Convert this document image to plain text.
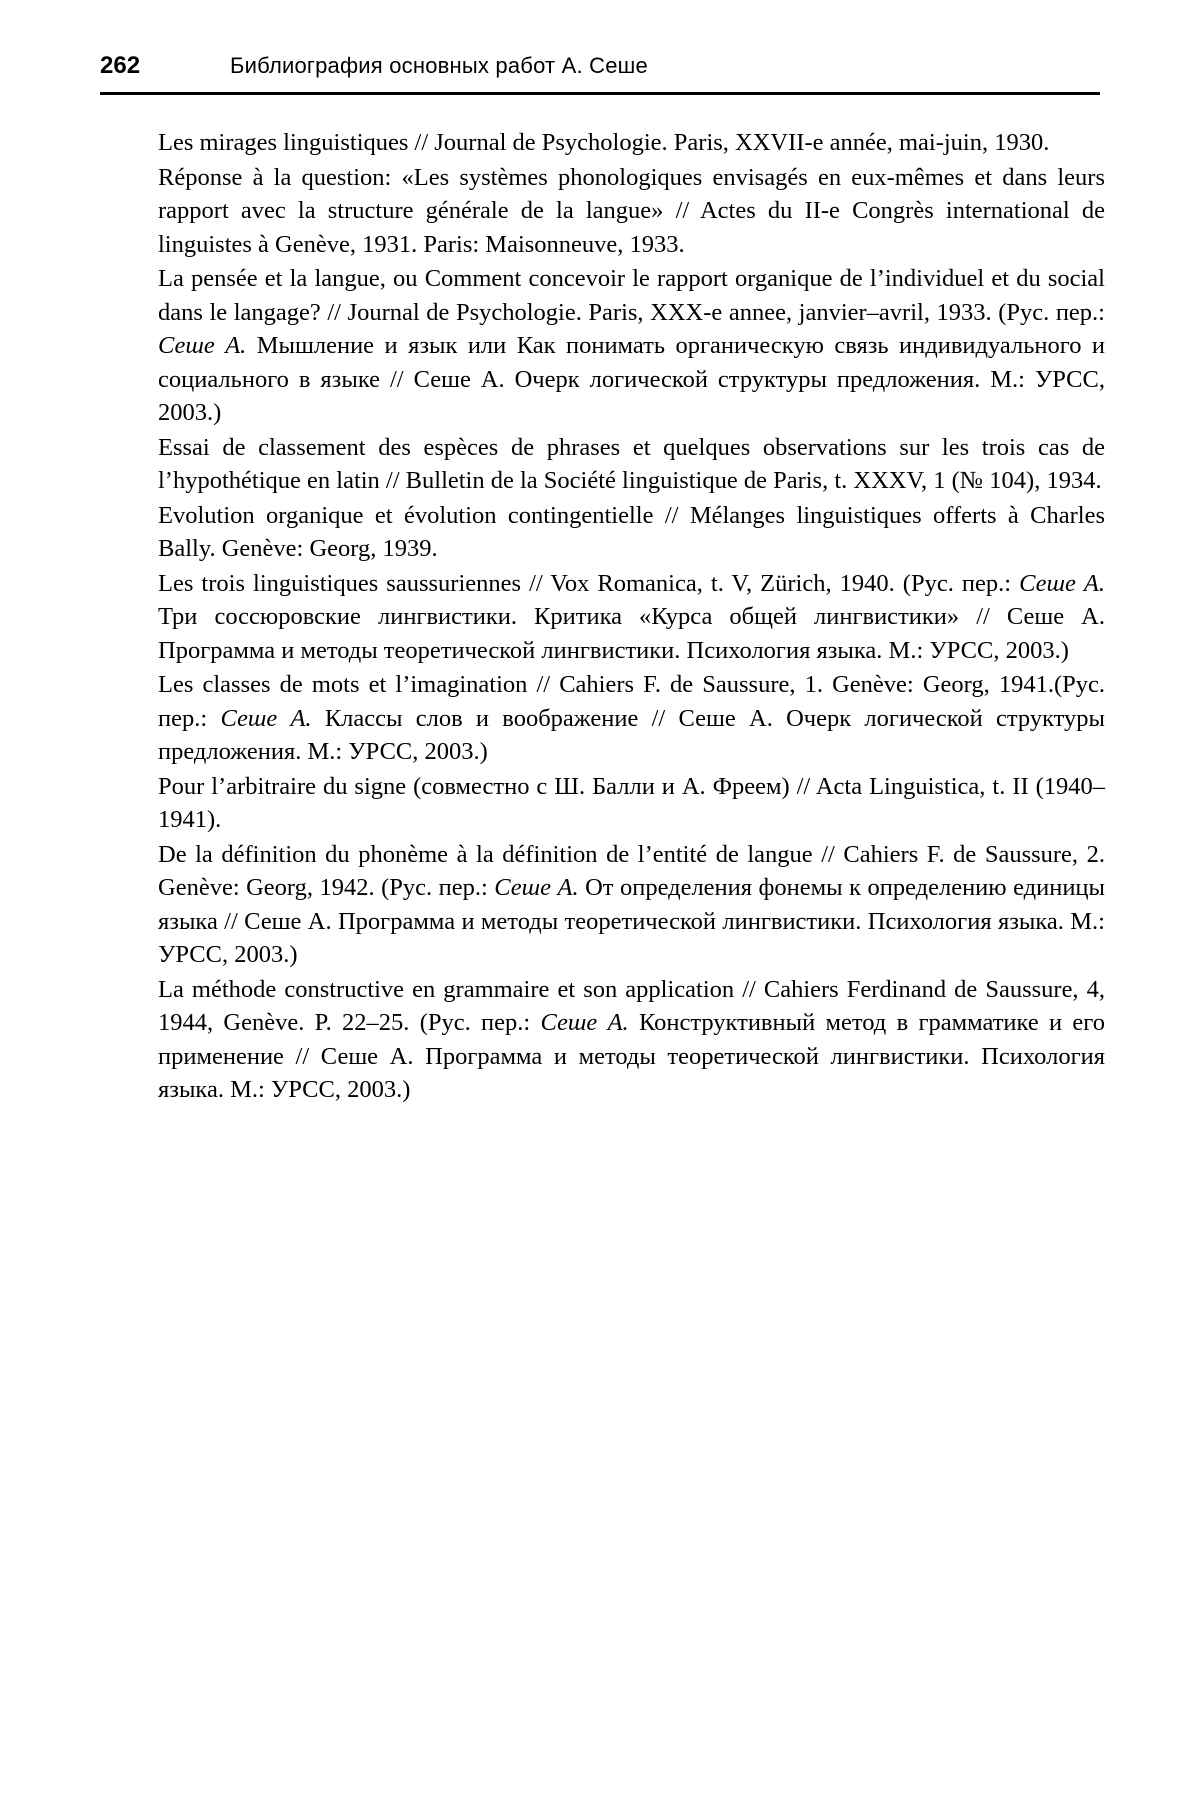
262	Библиография основных работ А. Сеше

Les mirages linguistiques // Journal de Psychologie. Paris, XXVII-e année, mai-juin, 1930.

Réponse à la question: «Les systèmes phonologiques envisagés en eux-mêmes et dans leurs rapport avec la structure générale de la langue» // Actes du II-e Congrès international de linguistes à Genève, 1931. Paris: Maisonneuve, 1933.

La pensée et la langue, ou Comment concevoir le rapport organique de l’individuel et du social dans le langage? // Journal de Psychologie. Paris, XXX-e annee, janvier–avril, 1933. (Рус. пер.: Сеше А. Мышление и язык или Как понимать органическую связь индивидуального и социального в языке // Сеше А. Очерк логической структуры предложения. М.: УРСС, 2003.)

Essai de classement des espèces de phrases et quelques observations sur les trois cas de l’hypothétique en latin // Bulletin de la Société linguistique de Paris, t. XXXV, 1 (№ 104), 1934.

Evolution organique et évolution contingentielle // Mélanges linguistiques offerts à Charles Bally. Genève: Georg, 1939.

Les trois linguistiques saussuriennes // Vox Romanica, t. V, Zürich, 1940. (Рус. пер.: Сеше А. Три соссюровские лингвистики. Критика «Курса общей лингвистики» // Сеше А. Программа и методы теоретической лингвистики. Психология языка. М.: УРСС, 2003.)

Les classes de mots et l’imagination // Cahiers F. de Saussure, 1. Genève: Georg, 1941.(Рус. пер.: Сеше А. Классы слов и воображение // Сеше А. Очерк логической структуры предложения. М.: УРСС, 2003.)

Pour l’arbitraire du signe (совместно с Ш. Балли и А. Фреем) // Acta Linguistica, t. II (1940–1941).

De la définition du phonème à la définition de l’entité de langue // Cahiers F. de Saussure, 2. Genève: Georg, 1942. (Рус. пер.: Сеше А. От определения фонемы к определению единицы языка // Сеше А. Программа и методы теоретической лингвистики. Психология языка. М.: УРСС, 2003.)

La méthode constructive en grammaire et son application // Cahiers Ferdinand de Saussure, 4, 1944, Genève. P. 22–25. (Рус. пер.: Сеше А. Конструктивный метод в грамматике и его применение // Сеше А. Программа и методы теоретической лингвистики. Психология языка. М.: УРСС, 2003.)
